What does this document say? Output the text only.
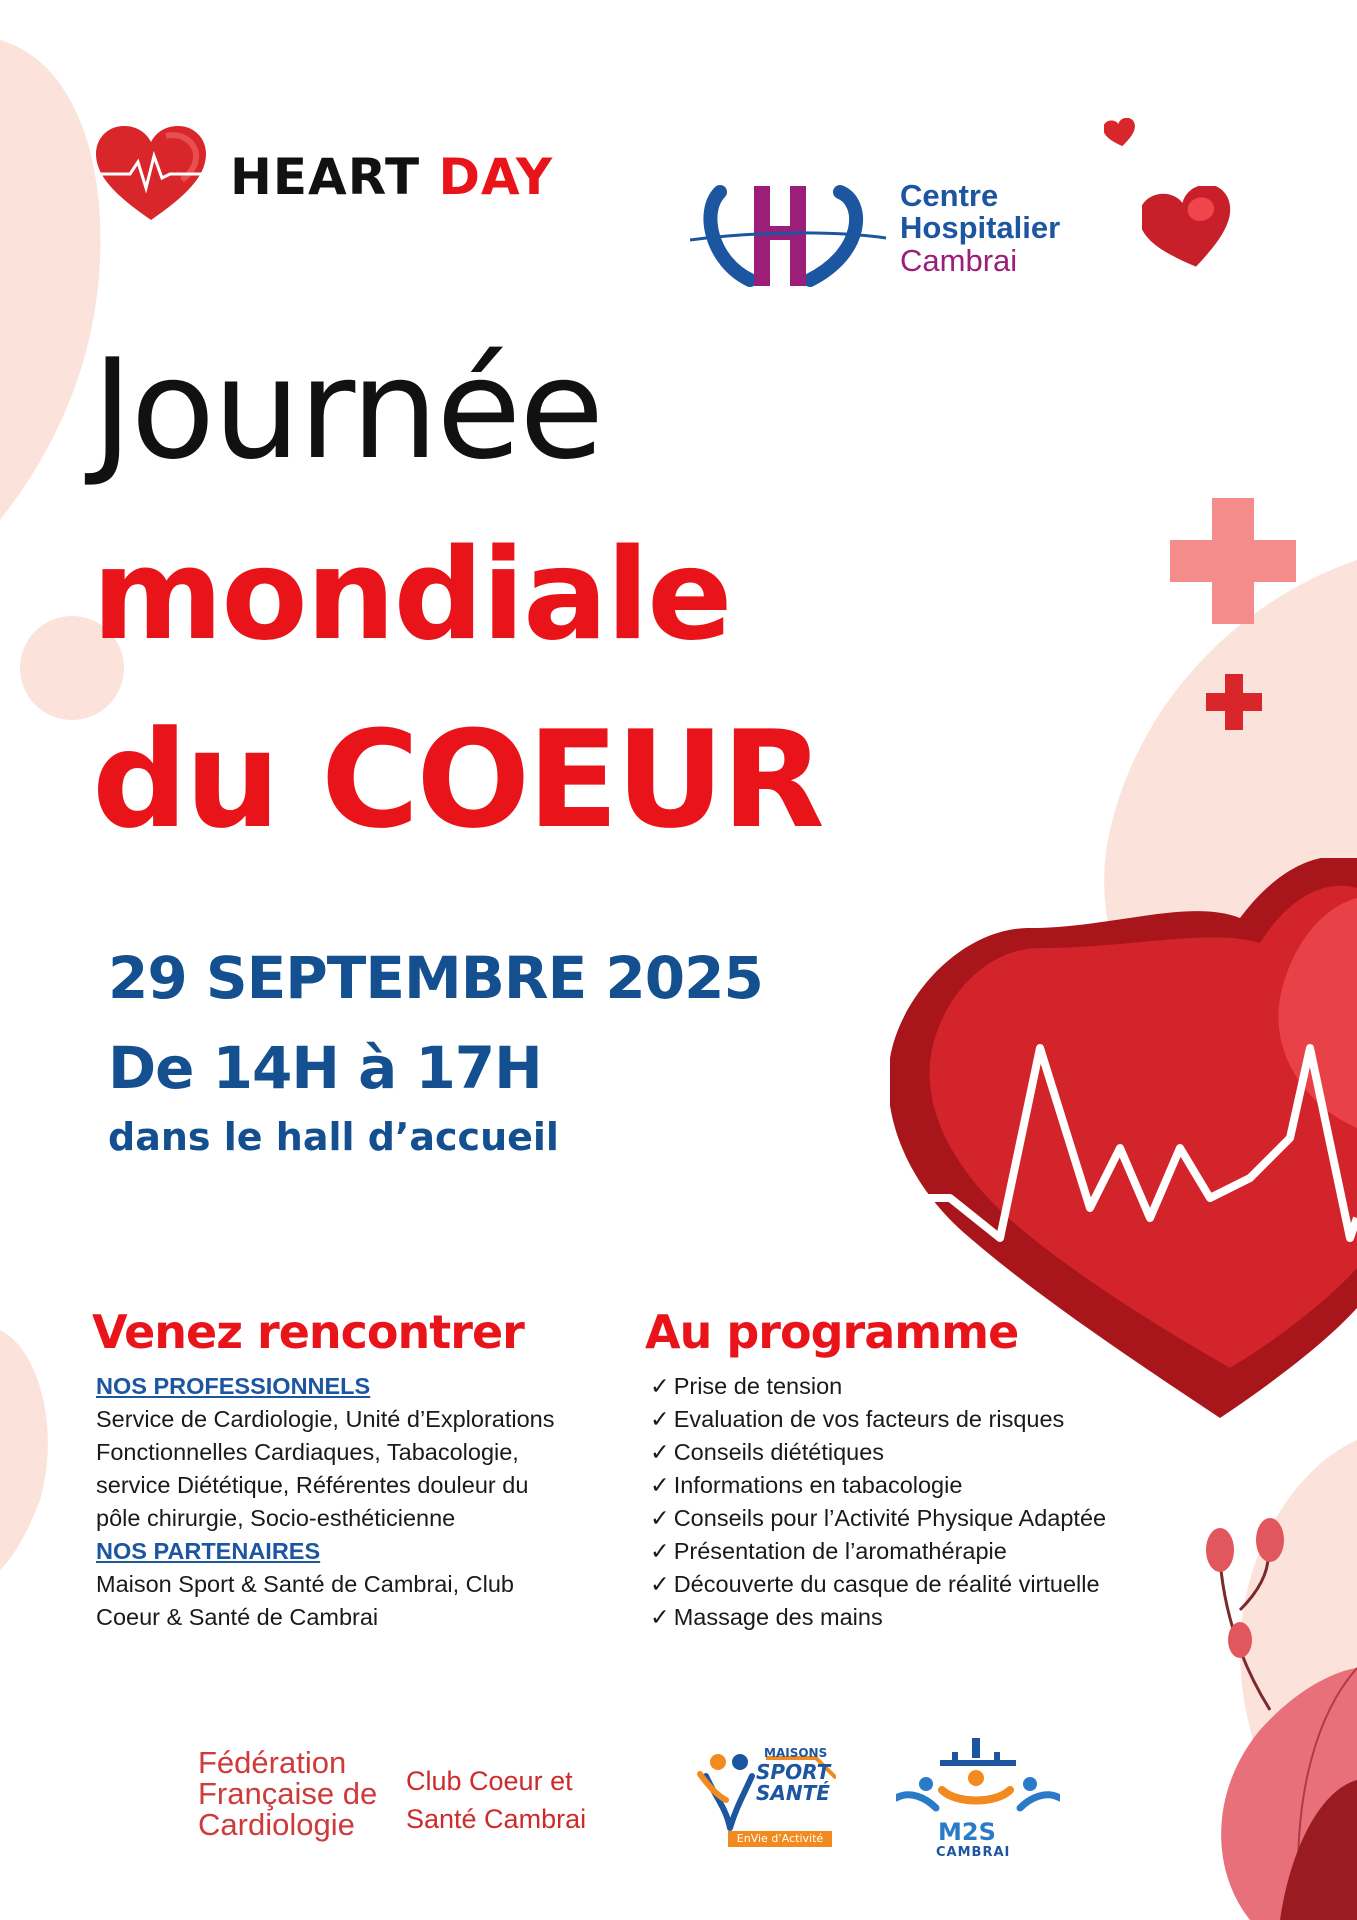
HEART DAY	Centre
Hospitalier
Cambrai
Journée
mondiale
du COEUR
29 SEPTEMBRE 2025
De 14H à 17H
dans le hall d’accueil
Venez rencontrer
NOS PROFESSIONNELS
Service de Cardiologie, Unité d’Explorations
Fonctionnelles Cardiaques, Tabacologie,
service Diététique, Référentes douleur du
pôle chirurgie, Socio-esthéticienne
NOS PARTENAIRES
Maison Sport & Santé de Cambrai, Club
Coeur & Santé de Cambrai
Au programme
✓ Prise de tension
✓ Evaluation de vos facteurs de risques
✓ Conseils diététiques
✓ Informations en tabacologie
✓ Conseils pour l’Activité Physique Adaptée
✓ Présentation de l’aromathérapie
✓ Découverte du casque de réalité virtuelle
✓ Massage des mains
Fédération
Française de
Cardiologie
Club Coeur et
Santé Cambrai
MAISONS
SPORT
SANTÉ
EnVie d’Activité	M2S
CAMBRAI
